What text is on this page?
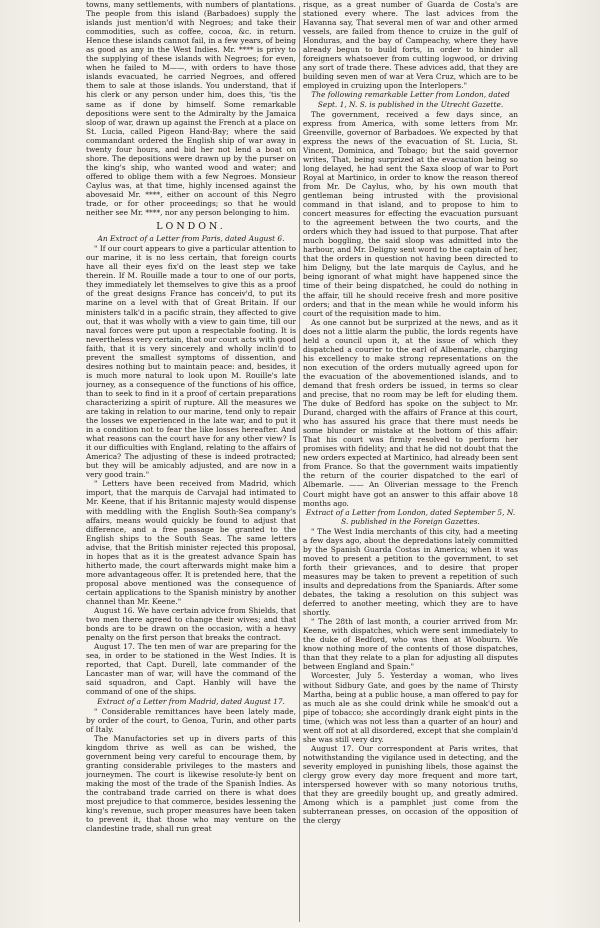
towns, many settlements, with numbers of plantations. The people from this island (Barbadoes) supply the islands just mention'd with Negroes; and take their commodities, such as coffee, cocoa, &c. in return. Hence these islands cannot fail, in a few years, of being as good as any in the West Indies. Mr. **** is privy to the supplying of these islands with Negroes; for even, when he failed to M——, with orders to have those islands evacuated, he carried Negroes, and offered them to sale at those islands. You understand, that if his clerk or any person under him, does this, 'tis the same as if done by himself. Some remarkable depositions were sent to the Admiralty by the Jamaica sloop of war, drawn up against the French at a place on St. Lucia, called Pigeon Hand-Bay; where the said commandant ordered the English ship of war away in twenty four hours, and bid her not lend a boat on shore. The depositions were drawn up by the purser on the king's ship, who wanted wood and water; and offered to oblige them with a few Negroes. Monsieur Caylus was, at that time, highly incensed against the abovesaid Mr. ****, either on account of this Negro trade, or for other proceedings; so that he would neither see Mr. ****, nor any person belonging to him.

LONDON.

An Extract of a Letter from Paris, dated August 6.

" If our court appears to give a particular attention to our marine, it is no less certain, that foreign courts have all their eyes fix'd on the least step we take therein. If M. Rouille made a tour to one of our ports, they immediately let themselves to give this as a proof of the great designs France has conceiv'd, to put its marine on a level with that of Great Britain. If our ministers talk'd in a pacific strain, they affected to give out, that it was wholly with a view to gain time, till our naval forces were put upon a respectable footing. It is nevertheless very certain, that our court acts with good faith, that it is very sincerely and wholly inclin'd to prevent the smallest symptoms of dissention, and desires nothing but to maintain peace: and, besides, it is much more natural to look upon M. Rouille's late journey, as a consequence of the functions of his office, than to seek to find in it a proof of certain preparations characterizing a spirit of rupture. All the measures we are taking in relation to our marine, tend only to repair the losses we experienced in the late war, and to put it in a condition not to fear the like losses hereafter. And what reasons can the court have for any other view? Is it our difficulties with England, relating to the affairs of America? The adjusting of these is indeed protracted; but they will be amicably adjusted, and are now in a very good train."

" Letters have been received from Madrid, which import, that the marquis de Carvajal had intimated to Mr. Keene, that if his Britannic majesty would dispense with meddling with the English South-Sea company's affairs, means would quickly be found to adjust that difference, and a free passage be granted to the English ships to the South Seas. The same letters advise, that the British minister rejected this proposal, in hopes that as it is the greatest advance Spain has hitherto made, the court afterwards might make him a more advantageous offer. It is pretended here, that the proposal above mentioned was the consequence of certain applications to the Spanish ministry by another channel than Mr. Keene."

August 16. We have certain advice from Shields, that two men there agreed to change their wives; and that bonds are to be drawn on the occasion, with a heavy penalty on the first person that breaks the contract.

August 17. The ten men of war are preparing for the sea, in order to be stationed in the West Indies. It is reported, that Capt. Durell, late commander of the Lancaster man of war, will have the command of the said squadron, and Capt. Hanbly will have the command of one of the ships.

Extract of a Letter from Madrid, dated August 17.

" Considerable remittances have been lately made, by order of the court, to Genoa, Turin, and other parts of Italy.

The Manufactories set up in divers parts of this kingdom thrive as well as can be wished, the government being very careful to encourage them, by granting considerable privileges to the masters and journeymen. The court is likewise resolute-ly bent on making the most of the trade of the Spanish Indies. As the contraband trade carried on there is what does most prejudice to that commerce, besides lessening the king's revenue, such proper measures have been taken to prevent it, that those who may venture on the clandestine trade, shall run great

risque, as a great number of Guarda de Costa's are stationed every where. The last advices from the Havanna say, That several men of war and other armed vessels, are failed from thence to cruize in the gulf of Honduras, and the bay of Campeachy, where they have already begun to build forts, in order to hinder all foreigners whatsoever from cutting logwood, or driving any sort of trade there. These advices add, that they are building seven men of war at Vera Cruz, which are to be employed in cruizing upon the Interlopers."

The following remarkable Letter from London, dated Sept. 1, N. S. is published in the Utrecht Gazette.

The government, received a few days since, an express from America, with some letters from Mr. Greenville, governor of Barbadoes. We expected by that express the news of the evacuation of St. Lucia, St. Vincent, Dominica, and Tobago; but the said governor writes, That, being surprized at the evacuation being so long delayed, he had sent the Saxa sloop of war to Port Royal at Martinico, in order to know the reason thereof from Mr. De Caylus, who, by his own mouth that gentleman being intrusted with the provisional command in that island, and to propose to him to concert measures for effecting the evacuation pursuant to the agreement between the two courts, and the orders which they had issued to that purpose. That after much boggling, the said sloop was admitted into the harbour, and Mr. Deligny sent word to the captain of her, that the orders in question not having been directed to him Deligny, but the late marquis de Caylus, and he being ignorant of what might have happened since the time of their being dispatched, he could do nothing in the affair, till he should receive fresh and more positive orders; and that in the mean while he would inform his court of the requisition made to him.

As one cannot but be surprized at the news, and as it does not a little alarm the public, the lords regents have held a council upon it, at the issue of which they dispatched a courier to the earl of Albemarle, charging his excellency to make strong representations on the non execution of the orders mutually agreed upon for the evacuation of the abovementioned islands, and to demand that fresh orders be issued, in terms so clear and precise, that no room may be left for eluding them. The duke of Bedford has spoke on the subject to Mr. Durand, charged with the affairs of France at this court, who has assured his grace that there must needs be some blunder or mistake at the bottom of this affair: That his court was firmly resolved to perform her promises with fidelity; and that he did not doubt that the new orders expected at Martinico, had already been sent from France. So that the government waits impatiently the return of the courier dispatched to the earl of Albemarle. —— An Oliverian message to the French Court might have got an answer to this affair above 18 months ago.

Extract of a Letter from London, dated September 5, N. S. published in the Foreign Gazettes.

" The West India merchants of this city, had a meeting a few days ago, about the depredations lately committed by the Spanish Guarda Costas in America; when it was moved to present a petition to the government, to set forth their grievances, and to desire that proper measures may be taken to prevent a repetition of such insults and depredations from the Spaniards. After some debates, the taking a resolution on this subject was deferred to another meeting, which they are to have shortly.

" The 28th of last month, a courier arrived from Mr. Keene, with dispatches, which were sent immediately to the duke of Bedford, who was then at Wooburn. We know nothing more of the contents of those dispatches, than that they relate to a plan for adjusting all disputes between England and Spain."

Worcester, July 5. Yesterday a woman, who lives without Sidbury Gate, and goes by the name of Thirsty Martha, being at a public house, a man offered to pay for as much ale as she could drink while he smoak'd out a pipe of tobacco; she accordingly drank eight pints in the time, (which was not less than a quarter of an hour) and went off not at all disordered, except that she complain'd she was still very dry.

August 17. Our correspondent at Paris writes, that notwithstanding the vigilance used in detecting, and the severity employed in punishing libels, those against the clergy grow every day more frequent and more tart, interspersed however with so many notorious truths, that they are greedily bought up, and greatly admired. Among which is a pamphlet just come from the subterranean presses, on occasion of the opposition of the clergy
